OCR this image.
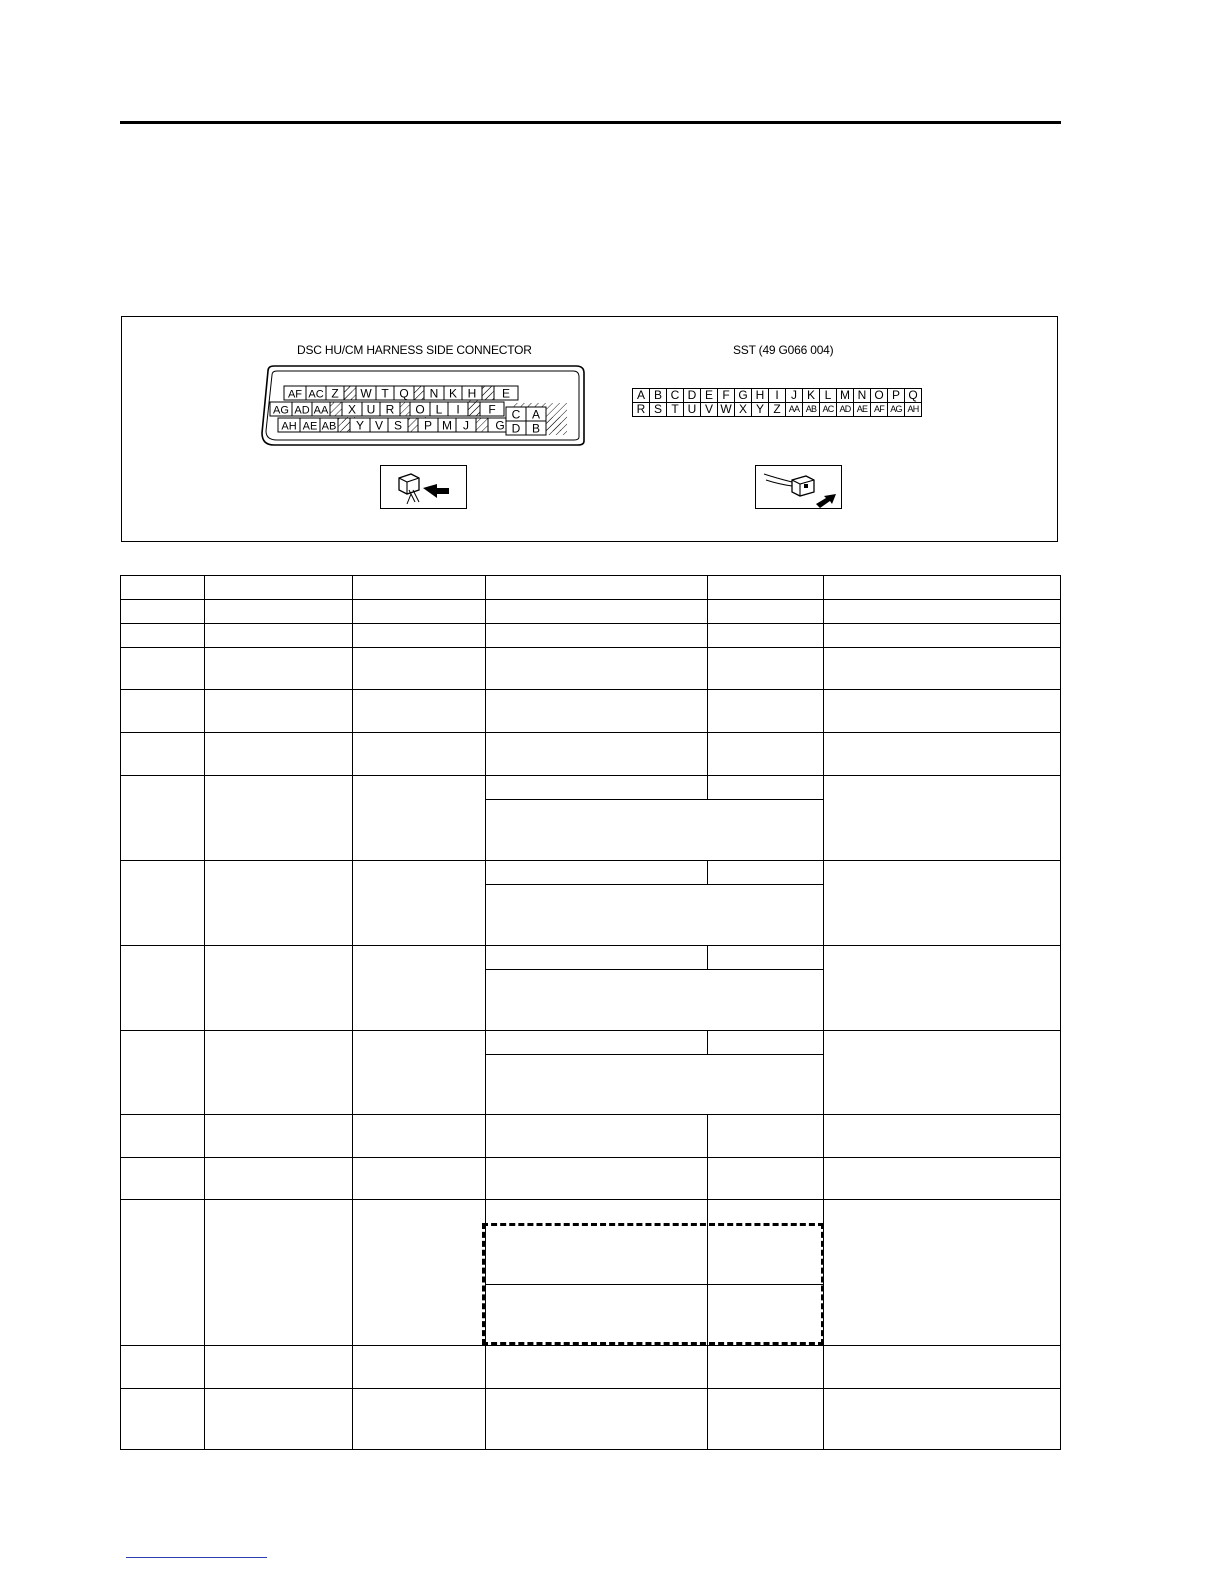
DSC HU/CM HARNESS SIDE CONNECTOR	SST (49 G066 004)
AF AC Z W T Q N K H E
AG AD AA X U R O L I F
AH AE AB Y V S P M J G
C A
D B
A	B	C	D	E	F	G	H	I	J	K	L	M	N	O	P	Q
R	S	T	U	V	W	X	Y	Z	AA	AB	AC	AD	AE	AF	AG	AH
